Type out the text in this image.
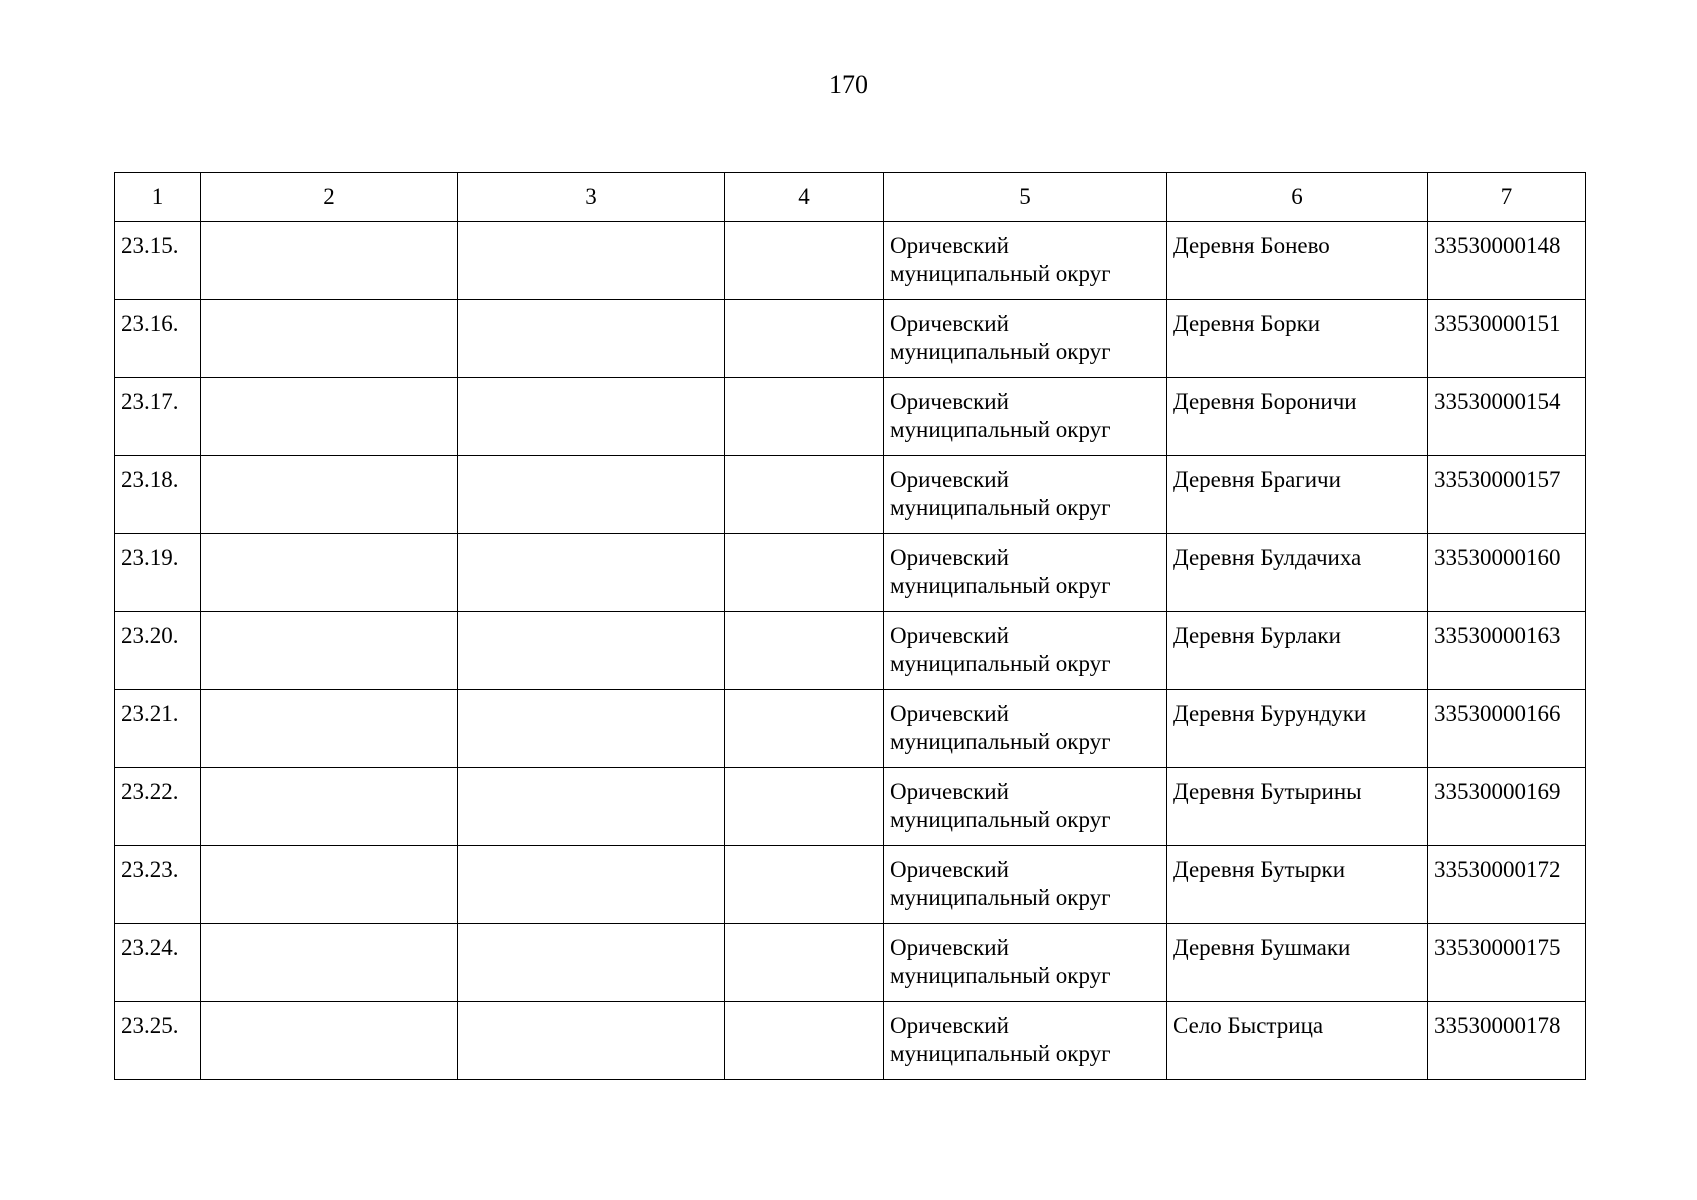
170
1	2	3	4	5	6	7
23.15.				Оричевский муниципальный округ	Деревня Бонево	33530000148
23.16.				Оричевский муниципальный округ	Деревня Борки	33530000151
23.17.				Оричевский муниципальный округ	Деревня Бороничи	33530000154
23.18.				Оричевский муниципальный округ	Деревня Брагичи	33530000157
23.19.				Оричевский муниципальный округ	Деревня Булдачиха	33530000160
23.20.				Оричевский муниципальный округ	Деревня Бурлаки	33530000163
23.21.				Оричевский муниципальный округ	Деревня Бурундуки	33530000166
23.22.				Оричевский муниципальный округ	Деревня Бутырины	33530000169
23.23.				Оричевский муниципальный округ	Деревня Бутырки	33530000172
23.24.				Оричевский муниципальный округ	Деревня Бушмаки	33530000175
23.25.				Оричевский муниципальный округ	Село Быстрица	33530000178
